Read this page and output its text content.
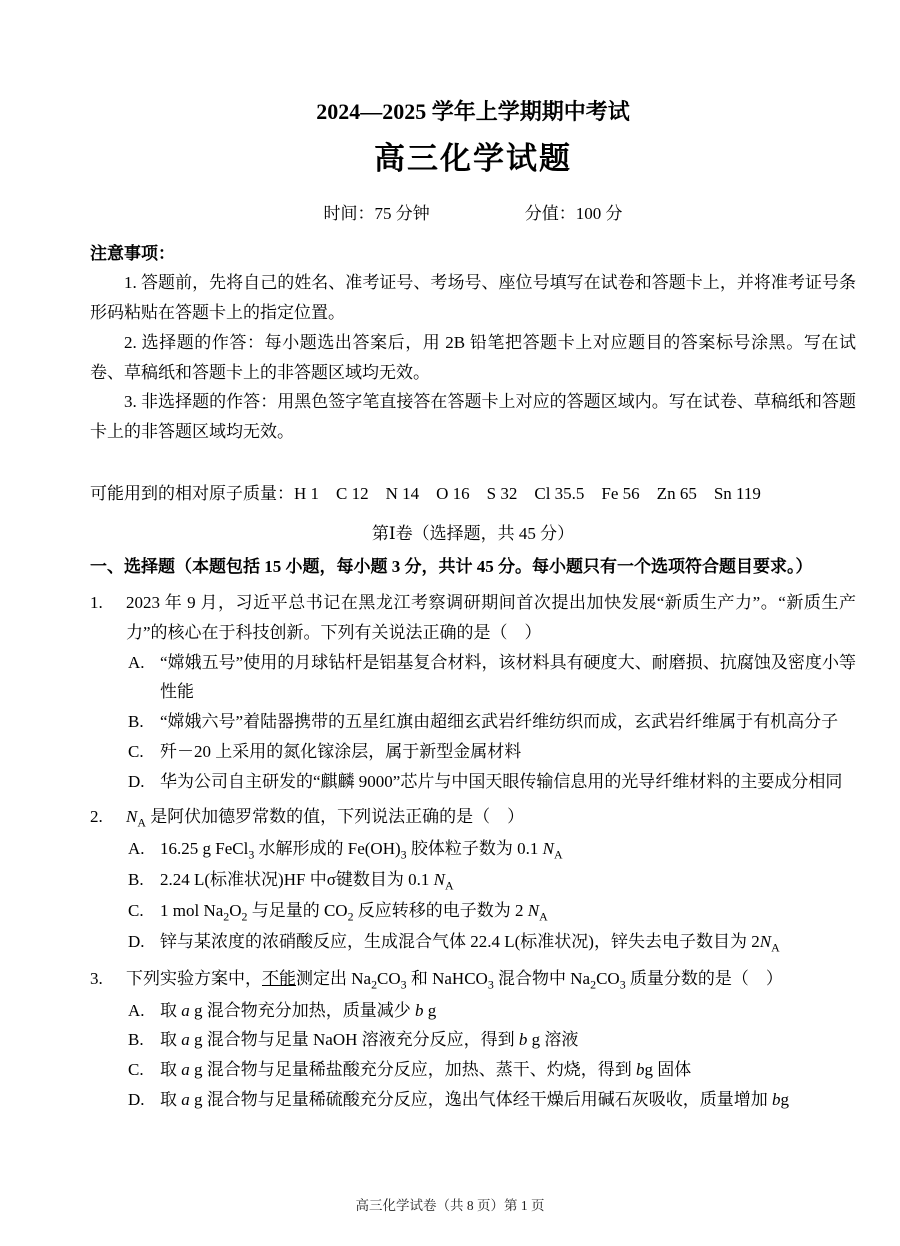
2024—2025 学年上学期期中考试
高三化学试题
时间：75 分钟	分值：100 分
注意事项：

1. 答题前，先将自己的姓名、准考证号、考场号、座位号填写在试卷和答题卡上，并将准考证号条形码粘贴在答题卡上的指定位置。

2. 选择题的作答：每小题选出答案后，用 2B 铅笔把答题卡上对应题目的答案标号涂黑。写在试卷、草稿纸和答题卡上的非答题区域均无效。

3. 非选择题的作答：用黑色签字笔直接答在答题卡上对应的答题区域内。写在试卷、草稿纸和答题卡上的非答题区域均无效。

可能用到的相对原子质量：H 1　C 12　N 14　O 16　S 32　Cl 35.5　Fe 56　Zn 65　Sn 119

第Ⅰ卷（选择题，共 45 分）
一、选择题（本题包括 15 小题，每小题 3 分，共计 45 分。每小题只有一个选项符合题目要求。）
1.	2023 年 9 月，习近平总书记在黑龙江考察调研期间首次提出加快发展“新质生产力”。“新质生产力”的核心在于科技创新。下列有关说法正确的是（　）
A. “嫦娥五号”使用的月球钻杆是铝基复合材料，该材料具有硬度大、耐磨损、抗腐蚀及密度小等性能
B. “嫦娥六号”着陆器携带的五星红旗由超细玄武岩纤维纺织而成，玄武岩纤维属于有机高分子
C. 歼－20 上采用的氮化镓涂层，属于新型金属材料
D. 华为公司自主研发的“麒麟 9000”芯片与中国天眼传输信息用的光导纤维材料的主要成分相同
2.	$N_A$ 是阿伏加德罗常数的值，下列说法正确的是（　）
A. 16.25 g FeCl$_3$ 水解形成的 $Fe(OH)_3$ 胶体粒子数为 0.1 $N_A$
B. 2.24 L(标准状况)HF 中σ键数目为 0.1 $N_A$
C. 1 mol $Na_2O_2$ 与足量的 $CO_2$ 反应转移的电子数为 2 $N_A$
D. 锌与某浓度的浓硝酸反应，生成混合气体 22.4 L(标准状况)，锌失去电子数目为 $2N_A$
3.	下列实验方案中，不能测定出 $Na_2CO_3$ 和 NaHCO$_3$ 混合物中 $Na_2CO_3$ 质量分数的是（　）
A. 取 a g 混合物充分加热，质量减少 b g
B. 取 a g 混合物与足量 NaOH 溶液充分反应，得到 b g 溶液
C. 取 a g 混合物与足量稀盐酸充分反应，加热、蒸干、灼烧，得到 bg 固体
D. 取 a g 混合物与足量稀硫酸充分反应，逸出气体经干燥后用碱石灰吸收，质量增加 bg
高三化学试卷（共 8 页）第 1 页
